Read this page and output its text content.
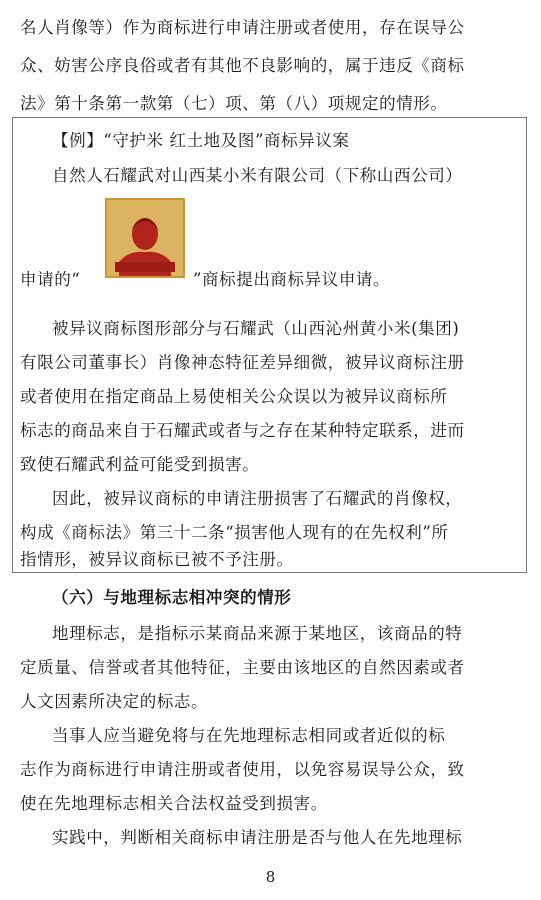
名人肖像等）作为商标进行申请注册或者使用，存在误导公
众、妨害公序良俗或者有其他不良影响的，属于违反《商标
法》第十条第一款第（七）项、第（八）项规定的情形。
【例】“守护米 红土地及图”商标异议案
自然人石耀武对山西某小米有限公司（下称山西公司）
申请的“	”商标提出商标异议申请。
被异议商标图形部分与石耀武（山西沁州黄小米(集团)
有限公司董事长）肖像神态特征差异细微，被异议商标注册
或者使用在指定商品上易使相关公众误以为被异议商标所
标志的商品来自于石耀武或者与之存在某种特定联系，进而
致使石耀武利益可能受到损害。
因此，被异议商标的申请注册损害了石耀武的肖像权，
构成《商标法》第三十二条“损害他人现有的在先权利”所
指情形，被异议商标已被不予注册。
（六）与地理标志相冲突的情形
地理标志，是指标示某商品来源于某地区，该商品的特
定质量、信誉或者其他特征，主要由该地区的自然因素或者
人文因素所决定的标志。
当事人应当避免将与在先地理标志相同或者近似的标
志作为商标进行申请注册或者使用，以免容易误导公众，致
使在先地理标志相关合法权益受到损害。
实践中，判断相关商标申请注册是否与他人在先地理标
8
